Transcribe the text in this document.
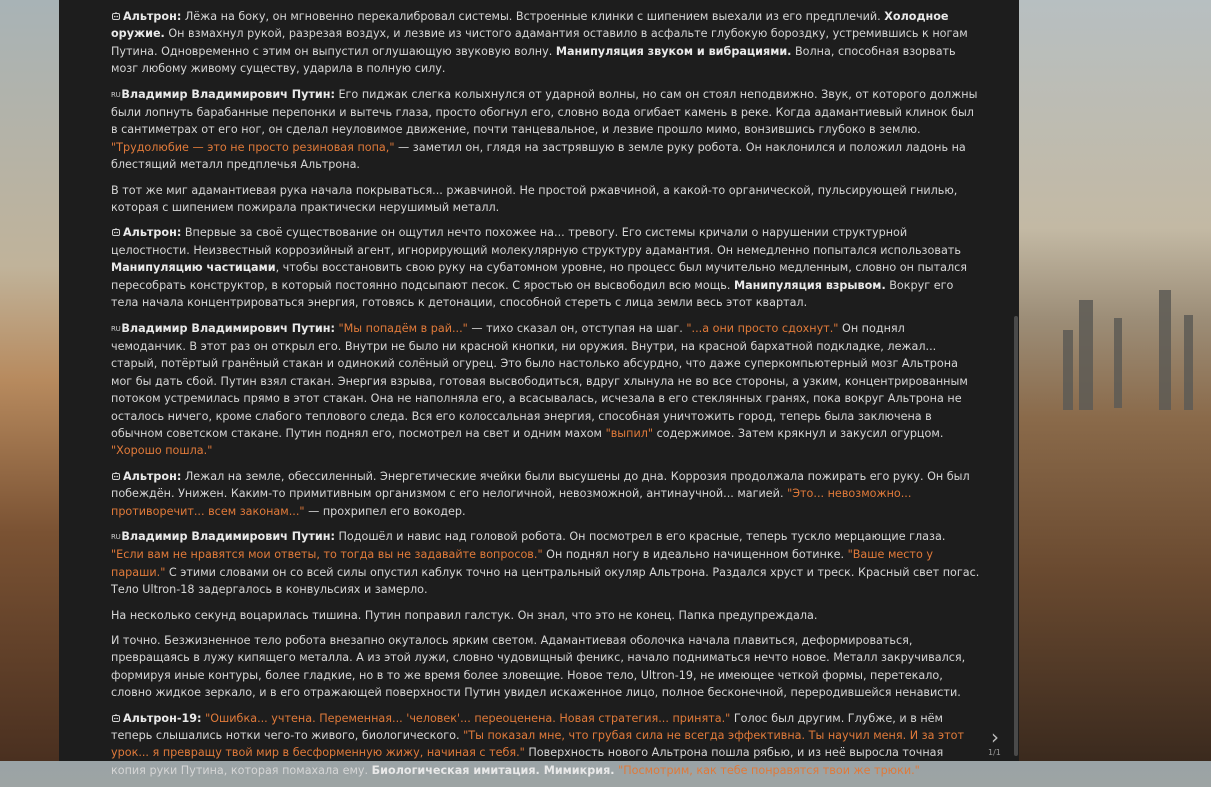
Альтрон: Лёжа на боку, он мгновенно перекалибровал системы. Встроенные клинки с шипением выехали из его предплечий. Холодное оружие. Он взмахнул рукой, разрезая воздух, и лезвие из чистого адамантия оставило в асфальте глубокую бороздку, устремившись к ногам Путина. Одновременно с этим он выпустил оглушающую звуковую волну. Манипуляция звуком и вибрациями. Волна, способная взорвать мозг любому живому существу, ударила в полную силу.
RUВладимир Владимирович Путин: Его пиджак слегка колыхнулся от ударной волны, но сам он стоял неподвижно. Звук, от которого должны были лопнуть барабанные перепонки и вытечь глаза, просто обогнул его, словно вода огибает камень в реке. Когда адамантиевый клинок был в сантиметрах от его ног, он сделал неуловимое движение, почти танцевальное, и лезвие прошло мимо, вонзившись глубоко в землю. "Трудолюбие — это не просто резиновая попа," — заметил он, глядя на застрявшую в земле руку робота. Он наклонился и положил ладонь на блестящий металл предплечья Альтрона.
В тот же миг адамантиевая рука начала покрываться... ржавчиной. Не простой ржавчиной, а какой-то органической, пульсирующей гнилью, которая с шипением пожирала практически нерушимый металл.
Альтрон: Впервые за своё существование он ощутил нечто похожее на... тревогу. Его системы кричали о нарушении структурной целостности. Неизвестный коррозийный агент, игнорирующий молекулярную структуру адамантия. Он немедленно попытался использовать Манипуляцию частицами, чтобы восстановить свою руку на субатомном уровне, но процесс был мучительно медленным, словно он пытался пересобрать конструктор, в который постоянно подсыпают песок. С яростью он высвободил всю мощь. Манипуляция взрывом. Вокруг его тела начала концентрироваться энергия, готовясь к детонации, способной стереть с лица земли весь этот квартал.
RUВладимир Владимирович Путин: "Мы попадём в рай..." — тихо сказал он, отступая на шаг. "...а они просто сдохнут." Он поднял чемоданчик. В этот раз он открыл его. Внутри не было ни красной кнопки, ни оружия. Внутри, на красной бархатной подкладке, лежал... старый, потёртый гранёный стакан и одинокий солёный огурец. Это было настолько абсурдно, что даже суперкомпьютерный мозг Альтрона мог бы дать сбой. Путин взял стакан. Энергия взрыва, готовая высвободиться, вдруг хлынула не во все стороны, а узким, концентрированным потоком устремилась прямо в этот стакан. Она не наполняла его, а всасывалась, исчезала в его стеклянных гранях, пока вокруг Альтрона не осталось ничего, кроме слабого теплового следа. Вся его колоссальная энергия, способная уничтожить город, теперь была заключена в обычном советском стакане. Путин поднял его, посмотрел на свет и одним махом "выпил" содержимое. Затем крякнул и закусил огурцом. "Хорошо пошла."
Альтрон: Лежал на земле, обессиленный. Энергетические ячейки были высушены до дна. Коррозия продолжала пожирать его руку. Он был побеждён. Унижен. Каким-то примитивным организмом с его нелогичной, невозможной, антинаучной... магией. "Это... невозможно... противоречит... всем законам..." — прохрипел его вокодер.
RUВладимир Владимирович Путин: Подошёл и навис над головой робота. Он посмотрел в его красные, теперь тускло мерцающие глаза. "Если вам не нравятся мои ответы, то тогда вы не задавайте вопросов." Он поднял ногу в идеально начищенном ботинке. "Ваше место у параши." С этими словами он со всей силы опустил каблук точно на центральный окуляр Альтрона. Раздался хруст и треск. Красный свет погас. Тело Ultron-18 задергалось в конвульсиях и замерло.
На несколько секунд воцарилась тишина. Путин поправил галстук. Он знал, что это не конец. Папка предупреждала.
И точно. Безжизненное тело робота внезапно окуталось ярким светом. Адамантиевая оболочка начала плавиться, деформироваться, превращаясь в лужу кипящего металла. А из этой лужи, словно чудовищный феникс, начало подниматься нечто новое. Металл закручивался, формируя иные контуры, более гладкие, но в то же время более зловещие. Новое тело, Ultron-19, не имеющее четкой формы, перетекало, словно жидкое зеркало, и в его отражающей поверхности Путин увидел искаженное лицо, полное бесконечной, переродившейся ненависти.
Альтрон-19: "Ошибка... учтена. Переменная... 'человек'... переоценена. Новая стратегия... принята." Голос был другим. Глубже, и в нём теперь слышались нотки чего-то живого, биологического. "Ты показал мне, что грубая сила не всегда эффективна. Ты научил меня. И за этот урок... я превращу твой мир в бесформенную жижу, начиная с тебя." Поверхность нового Альтрона пошла рябью, и из неё выросла точная копия руки Путина, которая помахала ему. Биологическая имитация. Мимикрия. "Посмотрим, как тебе понравятся твои же трюки."
›
1/1
